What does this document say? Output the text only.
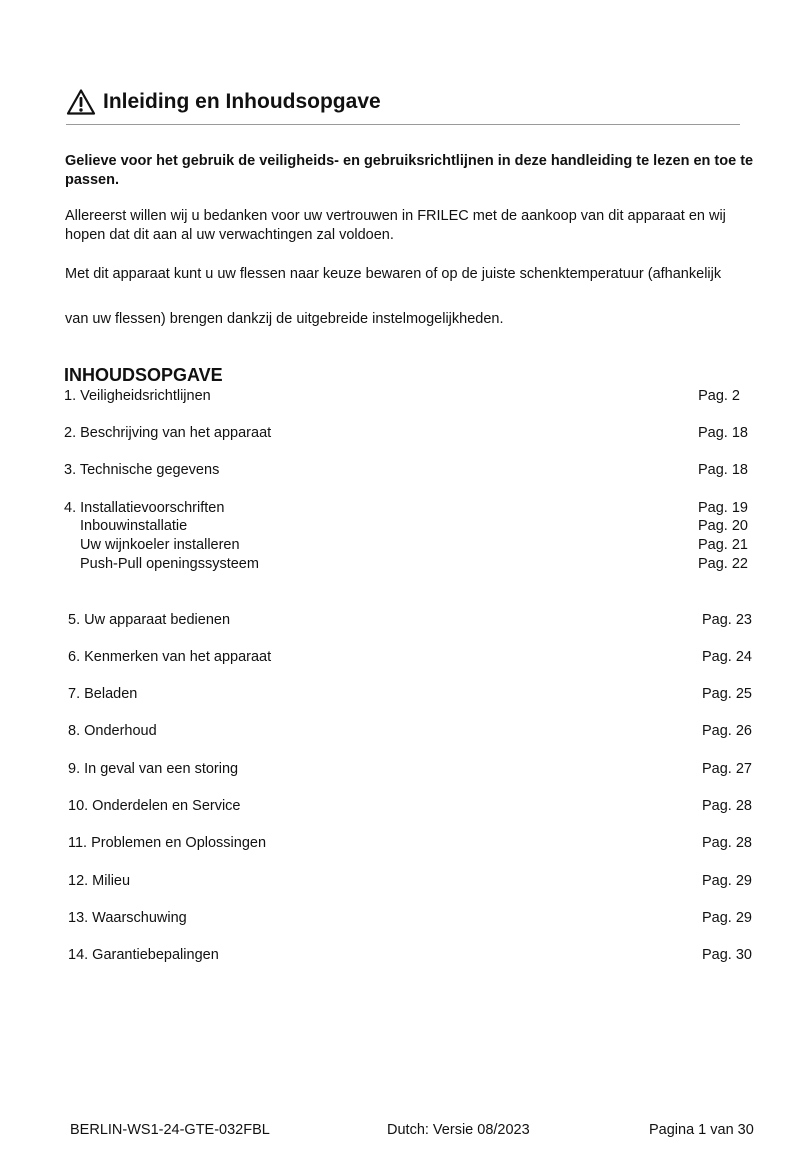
Inleiding en Inhoudsopgave
Gelieve voor het gebruik de veiligheids- en gebruiksrichtlijnen in deze handleiding te lezen en toe te passen.
Allereerst willen wij u bedanken voor uw vertrouwen in FRILEC met de aankoop van dit apparaat en wij hopen dat dit aan al uw verwachtingen zal voldoen.
Met dit apparaat kunt u uw flessen naar keuze bewaren of op de juiste schenktemperatuur (afhankelijk
van uw flessen) brengen dankzij de uitgebreide instelmogelijkheden.
INHOUDSOPGAVE
1. Veiligheidsrichtlijnen	Pag. 2
2. Beschrijving van het apparaat	Pag. 18
3. Technische gegevens	Pag. 18
4. Installatievoorschriften	Pag. 19
Inbouwinstallatie	Pag. 20
Uw wijnkoeler installeren	Pag. 21
Push-Pull openingssysteem	Pag. 22
5. Uw apparaat bedienen	Pag. 23
6. Kenmerken van het apparaat	Pag. 24
7. Beladen	Pag. 25
8. Onderhoud	Pag. 26
9. In geval van een storing	Pag. 27
10. Onderdelen en Service	Pag. 28
11. Problemen en Oplossingen	Pag. 28
12. Milieu	Pag. 29
13. Waarschuwing	Pag. 29
14. Garantiebepalingen	Pag. 30
BERLIN-WS1-24-GTE-032FBL	Dutch: Versie 08/2023	Pagina 1 van 30
